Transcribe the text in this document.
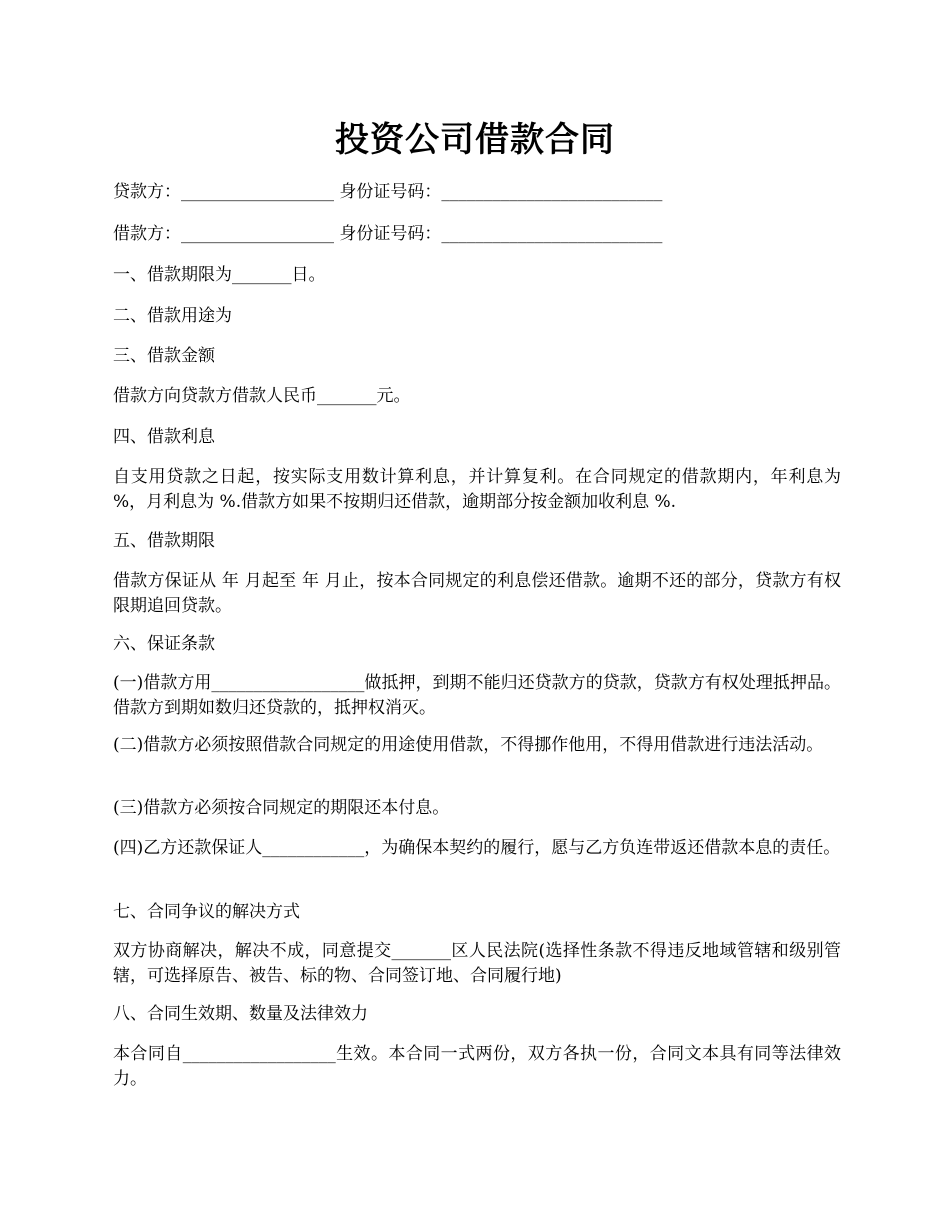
投资公司借款合同

贷款方：__________________ 身份证号码：__________________________

借款方：__________________ 身份证号码：__________________________

一、借款期限为_______日。

二、借款用途为

三、借款金额

借款方向贷款方借款人民币_______元。

四、借款利息

自支用贷款之日起，按实际支用数计算利息，并计算复利。在合同规定的借款期内，年利息为 %，月利息为 %.借款方如果不按期归还借款，逾期部分按金额加收利息 %.

五、借款期限

借款方保证从 年 月起至 年 月止，按本合同规定的利息偿还借款。逾期不还的部分，贷款方有权限期追回贷款。

六、保证条款

(一)借款方用__________________做抵押，到期不能归还贷款方的贷款，贷款方有权处理抵押品。借款方到期如数归还贷款的，抵押权消灭。

(二)借款方必须按照借款合同规定的用途使用借款，不得挪作他用，不得用借款进行违法活动。

(三)借款方必须按合同规定的期限还本付息。

(四)乙方还款保证人____________，为确保本契约的履行，愿与乙方负连带返还借款本息的责任。

七、合同争议的解决方式

双方协商解决，解决不成，同意提交_______区人民法院(选择性条款不得违反地域管辖和级别管辖，可选择原告、被告、标的物、合同签订地、合同履行地)

八、合同生效期、数量及法律效力

本合同自__________________生效。本合同一式两份，双方各执一份，合同文本具有同等法律效力。
